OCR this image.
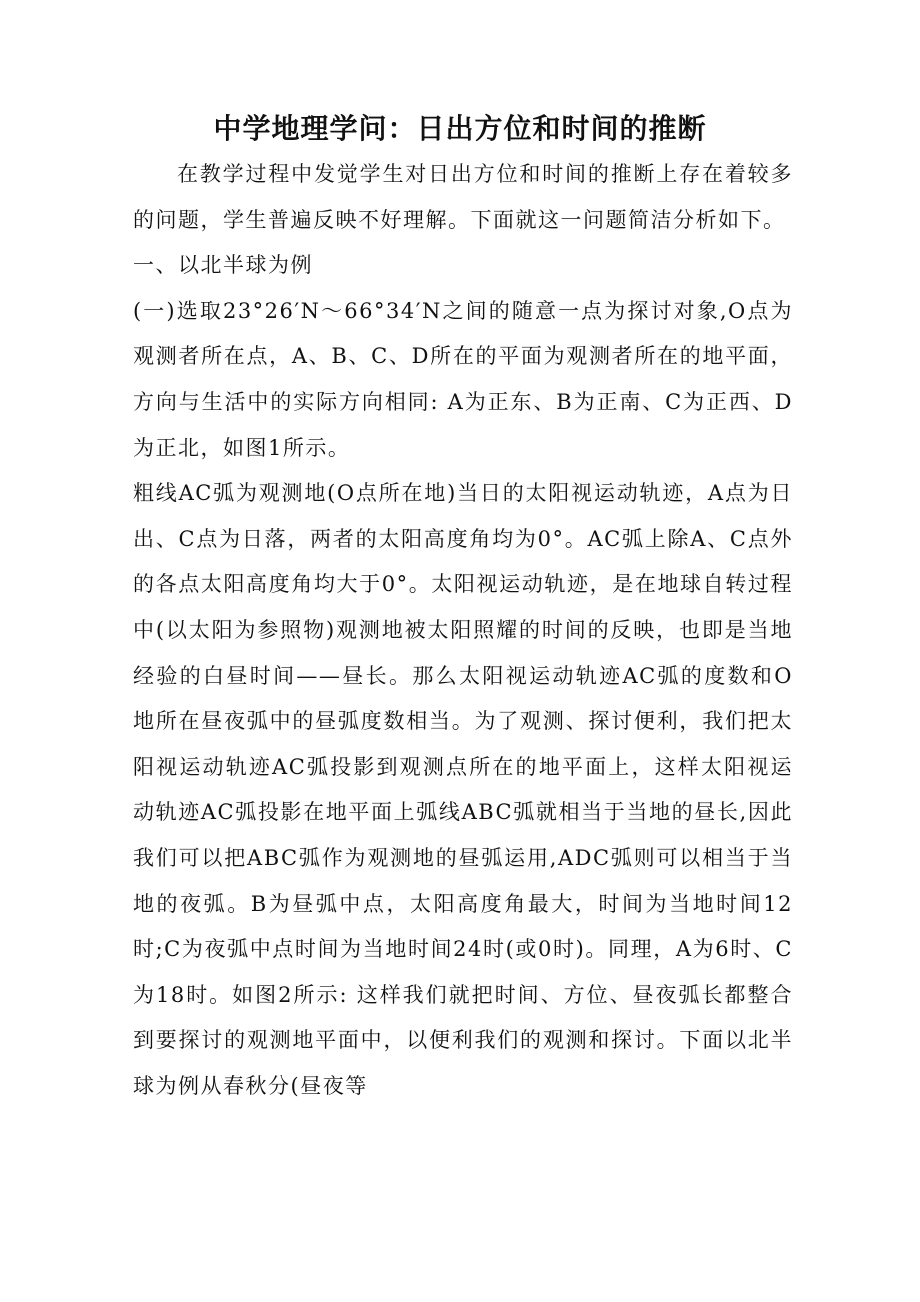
中学地理学问：日出方位和时间的推断

在教学过程中发觉学生对日出方位和时间的推断上存在着较多的问题，学生普遍反映不好理解。下面就这一问题简洁分析如下。

一、以北半球为例

(一)选取23°26′N～66°34′N之间的随意一点为探讨对象,O点为观测者所在点，A、B、C、D所在的平面为观测者所在的地平面，方向与生活中的实际方向相同: A为正东、B为正南、C为正西、D为正北，如图1所示。

粗线AC弧为观测地(O点所在地)当日的太阳视运动轨迹，A点为日出、C点为日落，两者的太阳高度角均为0°。AC弧上除A、C点外的各点太阳高度角均大于0°。太阳视运动轨迹，是在地球自转过程中(以太阳为参照物)观测地被太阳照耀的时间的反映，也即是当地经验的白昼时间——昼长。那么太阳视运动轨迹AC弧的度数和O地所在昼夜弧中的昼弧度数相当。为了观测、探讨便利，我们把太阳视运动轨迹AC弧投影到观测点所在的地平面上，这样太阳视运动轨迹AC弧投影在地平面上弧线ABC弧就相当于当地的昼长,因此我们可以把ABC弧作为观测地的昼弧运用,ADC弧则可以相当于当地的夜弧。B为昼弧中点，太阳高度角最大，时间为当地时间12时;C为夜弧中点时间为当地时间24时(或0时)。同理，A为6时、C为18时。如图2所示: 这样我们就把时间、方位、昼夜弧长都整合到要探讨的观测地平面中，以便利我们的观测和探讨。下面以北半球为例从春秋分(昼夜等
